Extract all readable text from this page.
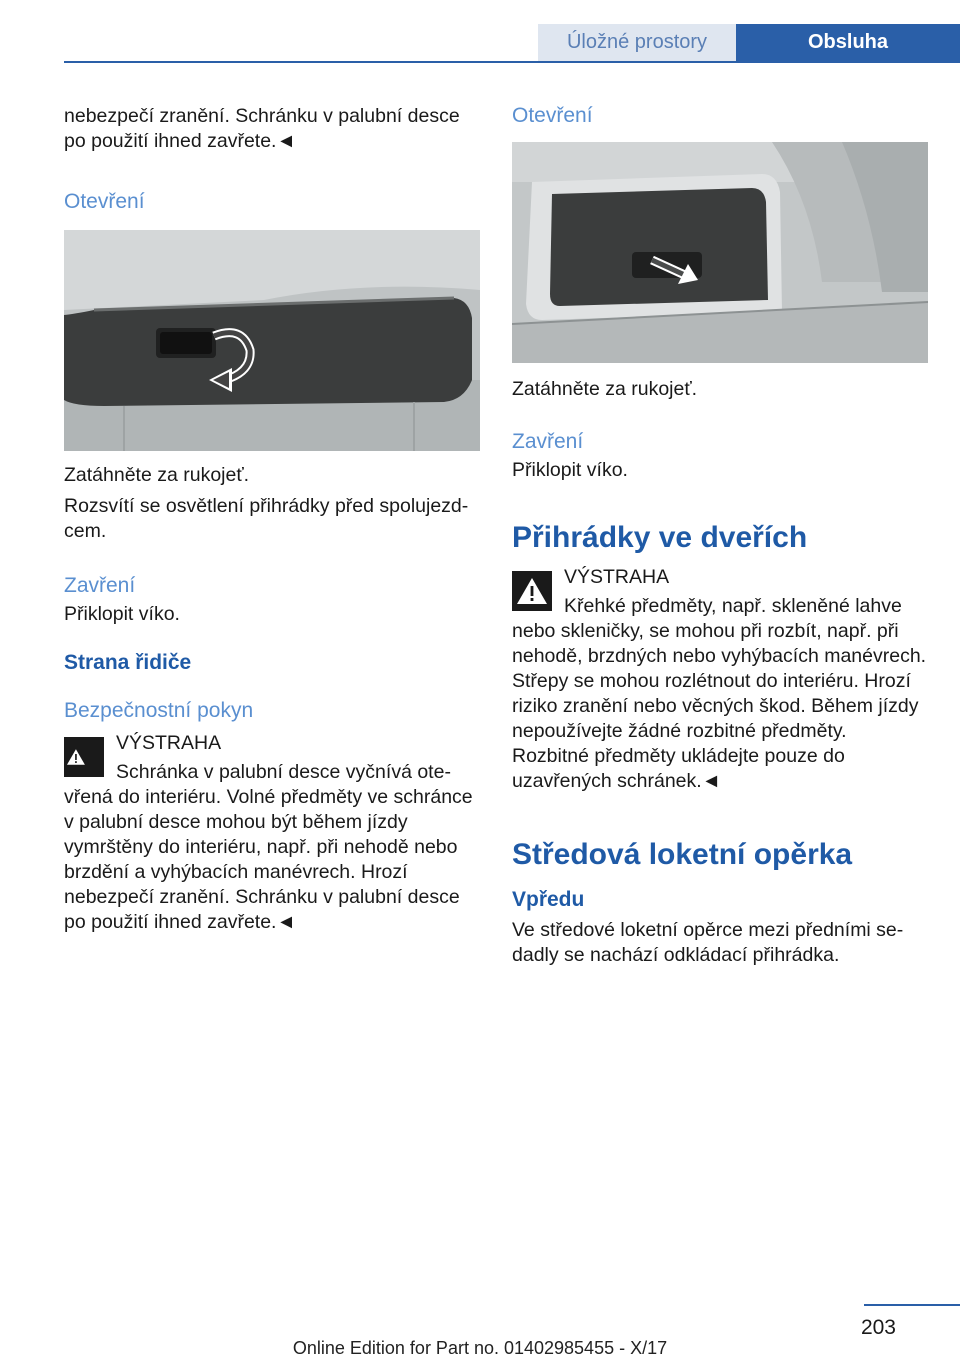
Úložné prostory	Obsluha

nebezpečí zranění. Schránku v palubní desce po použití ihned zavřete.◄

Otevření

Zatáhněte za rukojeť.

Rozsvítí se osvětlení přihrádky před spolujezdcem.

Zavření

Přiklopit víko.

Strana řidiče
Bezpečnostní pokyn

VÝSTRAHA

Schránka v palubní desce vyčnívá otevřená do interiéru. Volné předměty ve schránce v palubní desce mohou být během jízdy vymrštěny do interiéru, např. při nehodě nebo brzdění a vyhýbacích manévrech. Hrozí nebezpečí zranění. Schránku v palubní desce po použití ihned zavřete.◄

Otevření

Zatáhněte za rukojeť.

Zavření

Přiklopit víko.

Přihrádky ve dveřích

VÝSTRAHA

Křehké předměty, např. skleněné lahve nebo skleničky, se mohou při rozbít, např. při nehodě, brzdných nebo vyhýbacích manévrech. Střepy se mohou rozlétnout do interiéru. Hrozí riziko zranění nebo věcných škod. Během jízdy nepoužívejte žádné rozbitné předměty. Rozbitné předměty ukládejte pouze do uzavřených schránek.◄

Středová loketní opěrka
Vpředu

Ve středové loketní opěrce mezi předními sedadly se nachází odkládací přihrádka.

203
Online Edition for Part no. 01402985455 - X/17
